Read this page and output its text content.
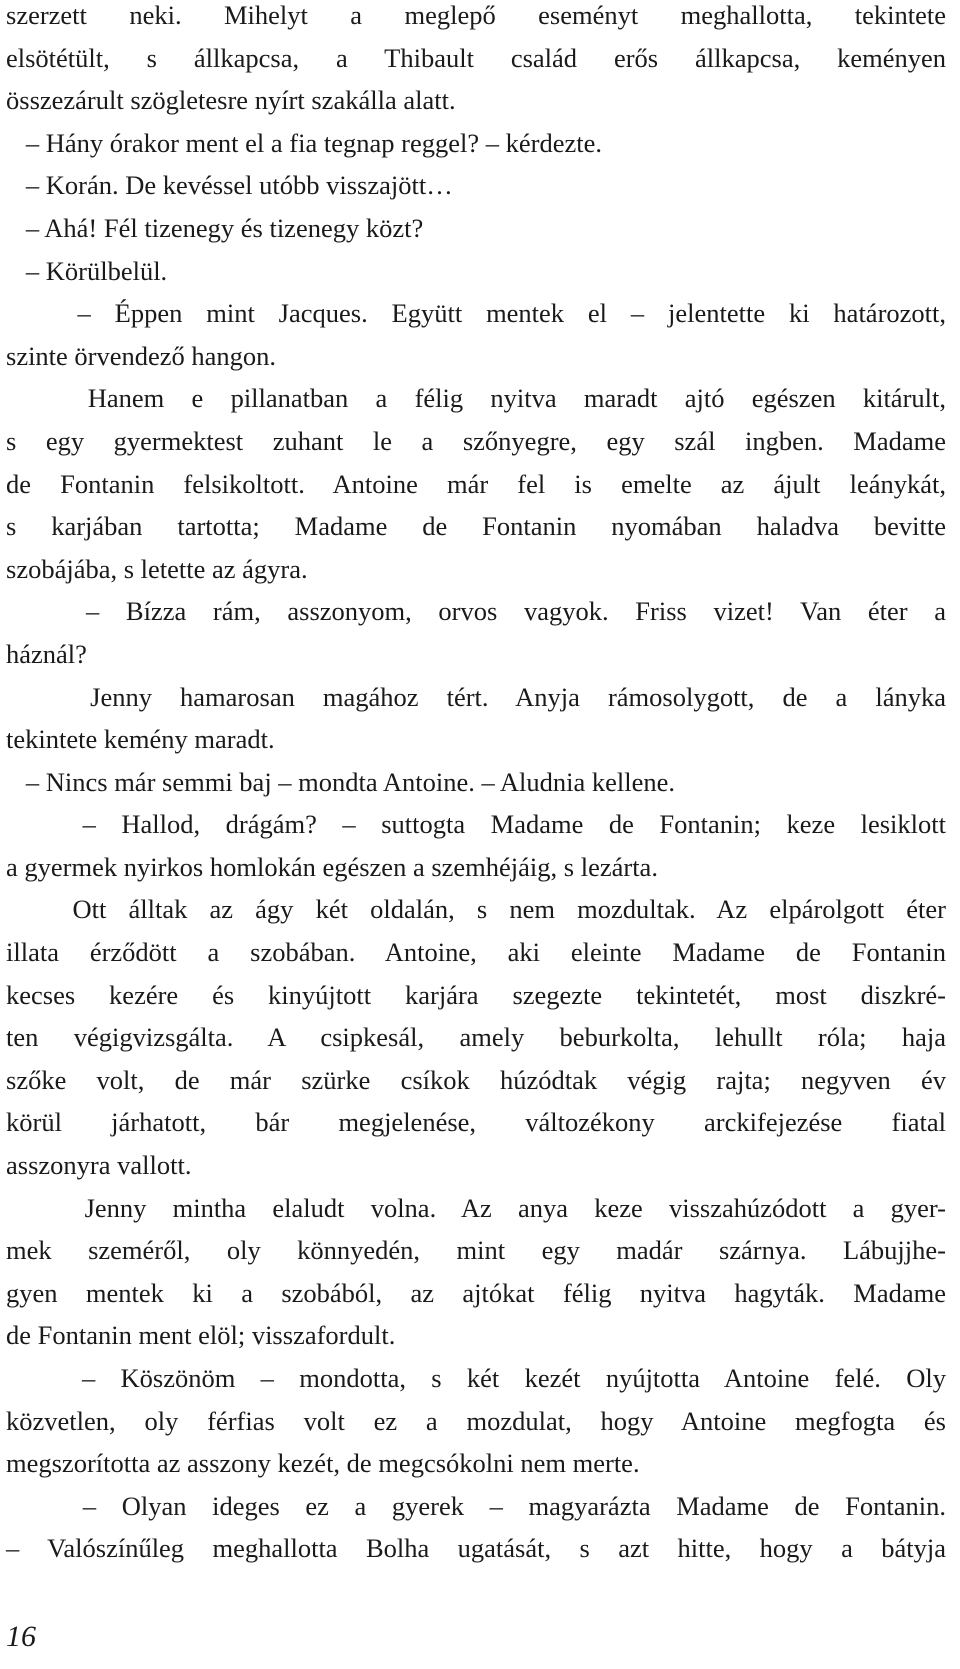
szerzett neki. Mihelyt a meglepő eseményt meghallotta, tekintete
elsötétült, s állkapcsa, a Thibault család erős állkapcsa, keményen
összezárult szögletesre nyírt szakálla alatt.
– Hány órakor ment el a fia tegnap reggel? – kérdezte.
– Korán. De kevéssel utóbb visszajött…
– Ahá! Fél tizenegy és tizenegy közt?
– Körülbelül.
– Éppen mint Jacques. Együtt mentek el – jelentette ki határozott,
szinte örvendező hangon.
Hanem e pillanatban a félig nyitva maradt ajtó egészen kitárult,
s egy gyermektest zuhant le a szőnyegre, egy szál ingben. Madame
de Fontanin felsikoltott. Antoine már fel is emelte az ájult leánykát,
s karjában tartotta; Madame de Fontanin nyomában haladva bevitte
szobájába, s letette az ágyra.
– Bízza rám, asszonyom, orvos vagyok. Friss vizet! Van éter a
háznál?
Jenny hamarosan magához tért. Anyja rámosolygott, de a lányka
tekintete kemény maradt.
– Nincs már semmi baj – mondta Antoine. – Aludnia kellene.
– Hallod, drágám? – suttogta Madame de Fontanin; keze lesiklott
a gyermek nyirkos homlokán egészen a szemhéjáig, s lezárta.
Ott álltak az ágy két oldalán, s nem mozdultak. Az elpárolgott éter
illata érződött a szobában. Antoine, aki eleinte Madame de Fontanin
kecses kezére és kinyújtott karjára szegezte tekintetét, most diszkré-
ten végigvizsgálta. A csipkesál, amely beburkolta, lehullt róla; haja
szőke volt, de már szürke csíkok húzódtak végig rajta; negyven év
körül járhatott, bár megjelenése, változékony arckifejezése fiatal
asszonyra vallott.
Jenny mintha elaludt volna. Az anya keze visszahúzódott a gyer-
mek szeméről, oly könnyedén, mint egy madár szárnya. Lábujjhe-
gyen mentek ki a szobából, az ajtókat félig nyitva hagyták. Madame
de Fontanin ment elöl; visszafordult.
– Köszönöm – mondotta, s két kezét nyújtotta Antoine felé. Oly
közvetlen, oly férfias volt ez a mozdulat, hogy Antoine megfogta és
megszorította az asszony kezét, de megcsókolni nem merte.
– Olyan ideges ez a gyerek – magyarázta Madame de Fontanin.
– Valószínűleg meghallotta Bolha ugatását, s azt hitte, hogy a bátyja
16
